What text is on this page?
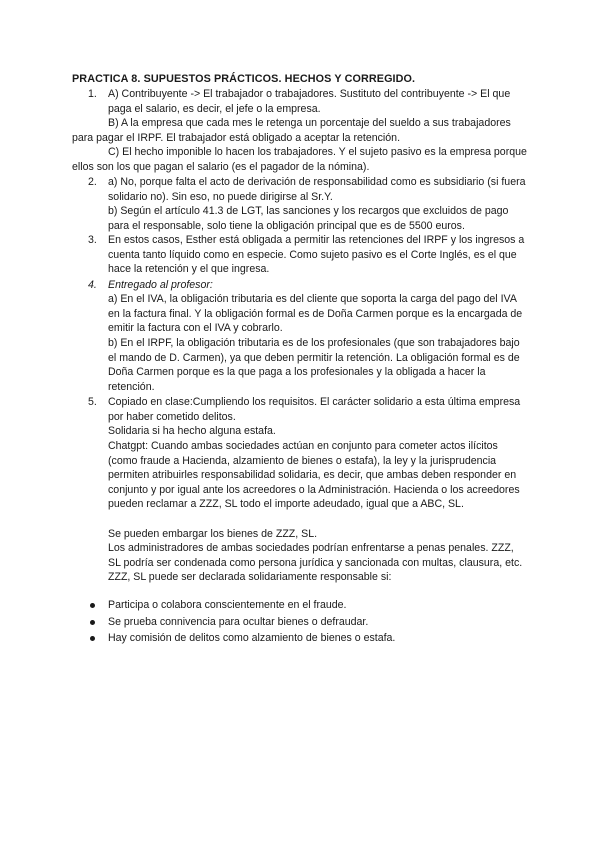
PRACTICA 8. SUPUESTOS PRÁCTICOS. HECHOS Y CORREGIDO.
1.	A) Contribuyente -> El trabajador o trabajadores. Sustituto del contribuyente -> El que paga el salario, es decir, el jefe o la empresa.
B) A la empresa que cada mes le retenga un porcentaje del sueldo a sus trabajadores para pagar el IRPF. El trabajador está obligado a aceptar la retención.
C) El hecho imponible lo hacen los trabajadores. Y el sujeto pasivo es la empresa porque ellos son los que pagan el salario (es el pagador de la nómina).
2.	a) No, porque falta el acto de derivación de responsabilidad como es subsidiario (si fuera solidario no). Sin eso, no puede dirigirse al Sr.Y.
b) Según el artículo 41.3 de LGT, las sanciones y los recargos que excluidos de pago para el responsable, solo tiene la obligación principal que es de 5500 euros.
3.	En estos casos, Esther está obligada a permitir las retenciones del IRPF y los ingresos a cuenta tanto líquido como en especie. Como sujeto pasivo es el Corte Inglés, es el que hace la retención y el que ingresa.
4.	Entregado al profesor:
a) En el IVA, la obligación tributaria es del cliente que soporta la carga del pago del IVA en la factura final. Y la obligación formal es de Doña Carmen porque es la encargada de emitir la factura con el IVA y cobrarlo.
b) En el IRPF, la obligación tributaria es de los profesionales (que son trabajadores bajo el mando de D. Carmen), ya que deben permitir la retención. La obligación formal es de Doña Carmen porque es la que paga a los profesionales y la obligada a hacer la retención.
5.	Copiado en clase:Cumpliendo los requisitos. El carácter solidario a esta última empresa por haber cometido delitos.
Solidaria si ha hecho alguna estafa.
Chatgpt: Cuando ambas sociedades actúan en conjunto para cometer actos ilícitos (como fraude a Hacienda, alzamiento de bienes o estafa), la ley y la jurisprudencia permiten atribuirles responsabilidad solidaria, es decir, que ambas deben responder en conjunto y por igual ante los acreedores o la Administración. Hacienda o los acreedores pueden reclamar a ZZZ, SL todo el importe adeudado, igual que a ABC, SL.
Se pueden embargar los bienes de ZZZ, SL.
Los administradores de ambas sociedades podrían enfrentarse a penas penales. ZZZ, SL podría ser condenada como persona jurídica y sancionada con multas, clausura, etc. ZZZ, SL puede ser declarada solidariamente responsable si:
Participa o colabora conscientemente en el fraude.
Se prueba connivencia para ocultar bienes o defraudar.
Hay comisión de delitos como alzamiento de bienes o estafa.
